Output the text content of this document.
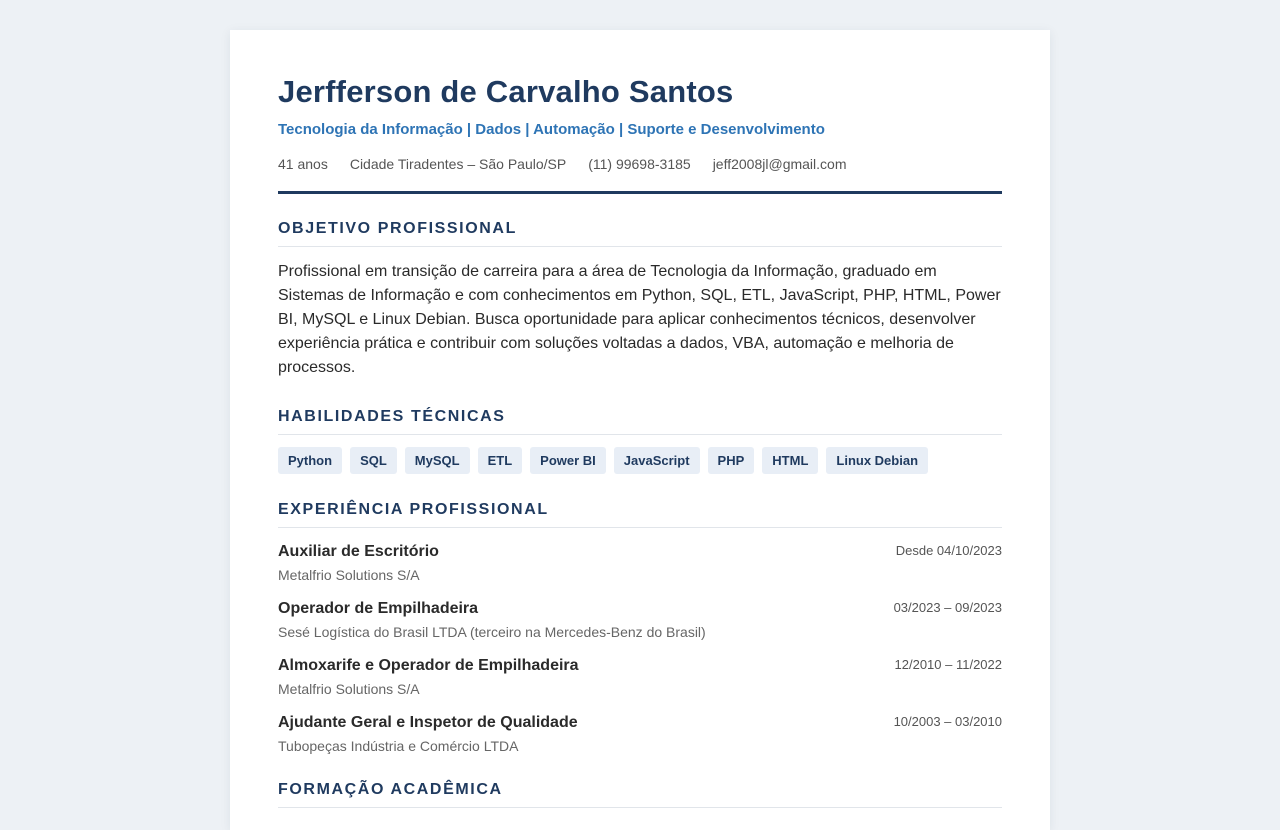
Jerfferson de Carvalho Santos
Tecnologia da Informação | Dados | Automação | Suporte e Desenvolvimento
41 anos Cidade Tiradentes – São Paulo/SP (11) 99698-3185 jeff2008jl@gmail.com
OBJETIVO PROFISSIONAL

Profissional em transição de carreira para a área de Tecnologia da Informação, graduado em Sistemas de Informação e com conhecimentos em Python, SQL, ETL, JavaScript, PHP, HTML, Power BI, MySQL e Linux Debian. Busca oportunidade para aplicar conhecimentos técnicos, desenvolver experiência prática e contribuir com soluções voltadas a dados, VBA, automação e melhoria de processos.

HABILIDADES TÉCNICAS
Python	SQL	MySQL	ETL	Power BI	JavaScript	PHP	HTML	Linux Debian
EXPERIÊNCIA PROFISSIONAL
Auxiliar de Escritório	Desde 04/10/2023
Metalfrio Solutions S/A
Operador de Empilhadeira	03/2023 – 09/2023
Sesé Logística do Brasil LTDA (terceiro na Mercedes-Benz do Brasil)
Almoxarife e Operador de Empilhadeira	12/2010 – 11/2022
Metalfrio Solutions S/A
Ajudante Geral e Inspetor de Qualidade	10/2003 – 03/2010
Tubopeças Indústria e Comércio LTDA
FORMAÇÃO ACADÊMICA
